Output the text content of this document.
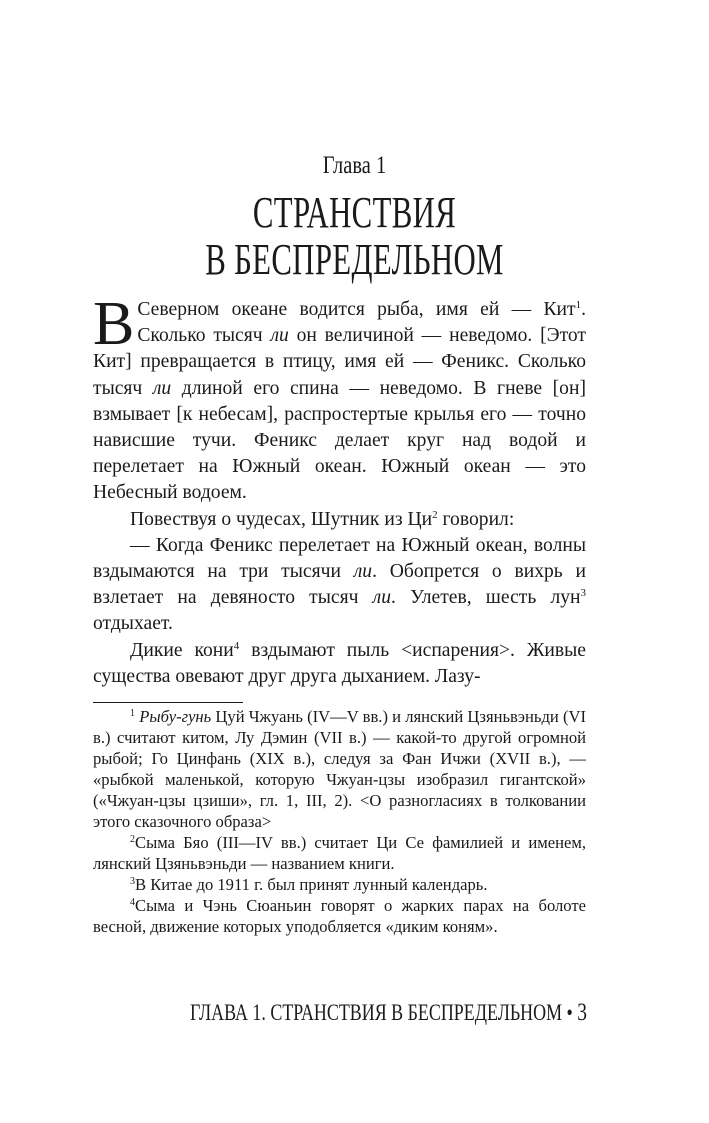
Глава 1
СТРАНСТВИЯ
В БЕСПРЕДЕЛЬНОМ

В Северном океане водится рыба, имя ей — Кит$^1$. Сколько тысяч ли он величиной — неведомо. [Этот Кит] превращается в птицу, имя ей — Феникс. Сколько тысяч ли длиной его спина — неведомо. В гневе [он] взмывает [к небесам], распростертые крылья его — точно нависшие тучи. Феникс делает круг над водой и перелетает на Южный океан. Южный океан — это Небесный водоем.

Повествуя о чудесах, Шутник из $Ци^2$ говорил:

— Когда Феникс перелетает на Южный океан, волны вздымаются на три тысячи ли. Обопрется о вихрь и взлетает на девяносто тысяч ли. Улетев, шесть лун$^3$ отдыхает.

Дикие кони$^4$ вздымают пыль <испарения>. Живые существа овевают друг друга дыханием. Лазу-

$^1$ Рыбу-гунь Цуй Чжуань (IV—V вв.) и лянский Цзяньвэньди (VI в.) считают китом, Лу Дэмин (VII в.) — какой-то другой огромной рыбой; Го Цинфань (XIX в.), следуя за Фан Ичжи (XVII в.), — «рыбкой маленькой, которую Чжуан-цзы изобразил гигантской» («Чжуан-цзы цзиши», гл. 1, III, 2). <О разногласиях в толковании этого сказочного образа>

$^2$Сыма Бяо (III—IV вв.) считает Ци Се фамилией и именем, лянский Цзяньвэньди — названием книги.

$^3$В Китае до 1911 г. был принят лунный календарь.

$^4$Сыма и Чэнь Сюаньин говорят о жарких парах на болоте весной, движение которых уподобляется «диким коням».

ГЛАВА 1. СТРАНСТВИЯ В БЕСПРЕДЕЛЬНОМ • 3
